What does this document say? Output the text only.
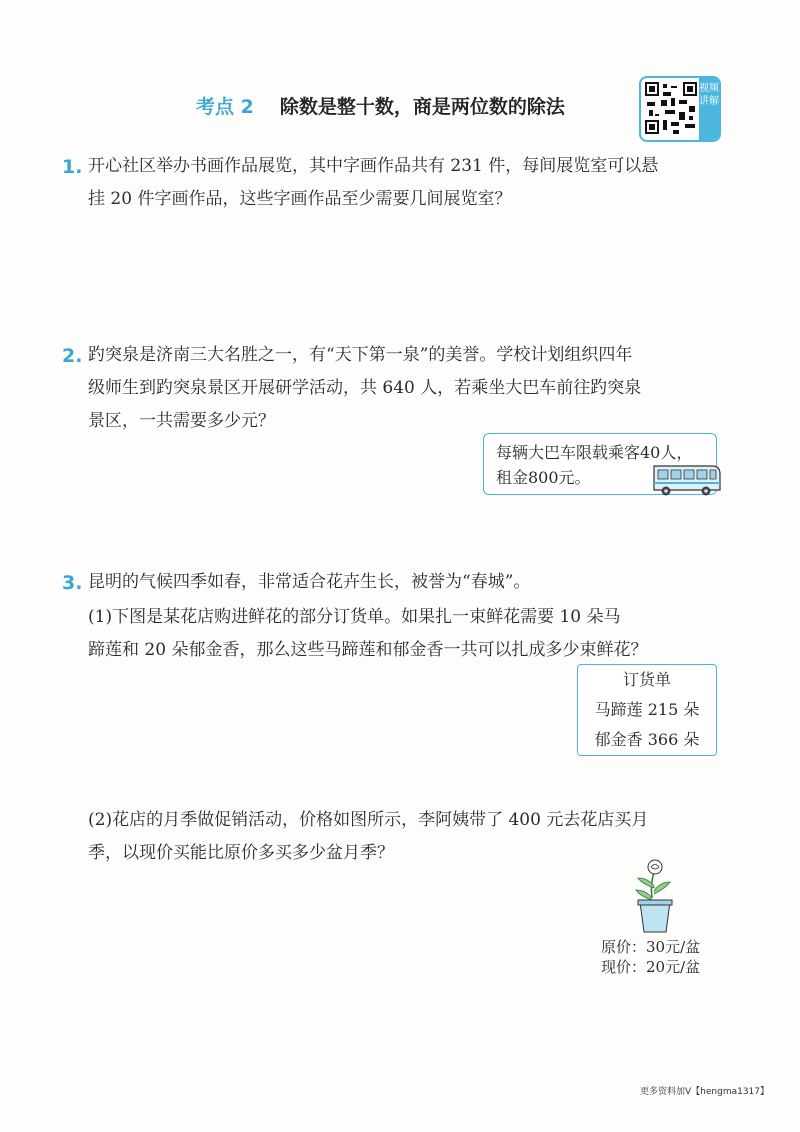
考点 2 除数是整十数，商是两位数的除法
视频讲解
1. 开心社区举办书画作品展览，其中字画作品共有 231 件，每间展览室可以悬
挂 20 件字画作品，这些字画作品至少需要几间展览室？
2. 趵突泉是济南三大名胜之一，有“天下第一泉”的美誉。学校计划组织四年
级师生到趵突泉景区开展研学活动，共 640 人，若乘坐大巴车前往趵突泉
景区，一共需要多少元？
每辆大巴车限载乘客40人，
租金800元。
3. 昆明的气候四季如春，非常适合花卉生长，被誉为“春城”。
(1)下图是某花店购进鲜花的部分订货单。如果扎一束鲜花需要 10 朵马
蹄莲和 20 朵郁金香，那么这些马蹄莲和郁金香一共可以扎成多少束鲜花？
订货单
马蹄莲 215 朵
郁金香 366 朵
(2)花店的月季做促销活动，价格如图所示，李阿姨带了 400 元去花店买月
季，以现价买能比原价多买多少盆月季？
原价：30元/盆
现价：20元/盆
更多资料加V【hengma1317】
